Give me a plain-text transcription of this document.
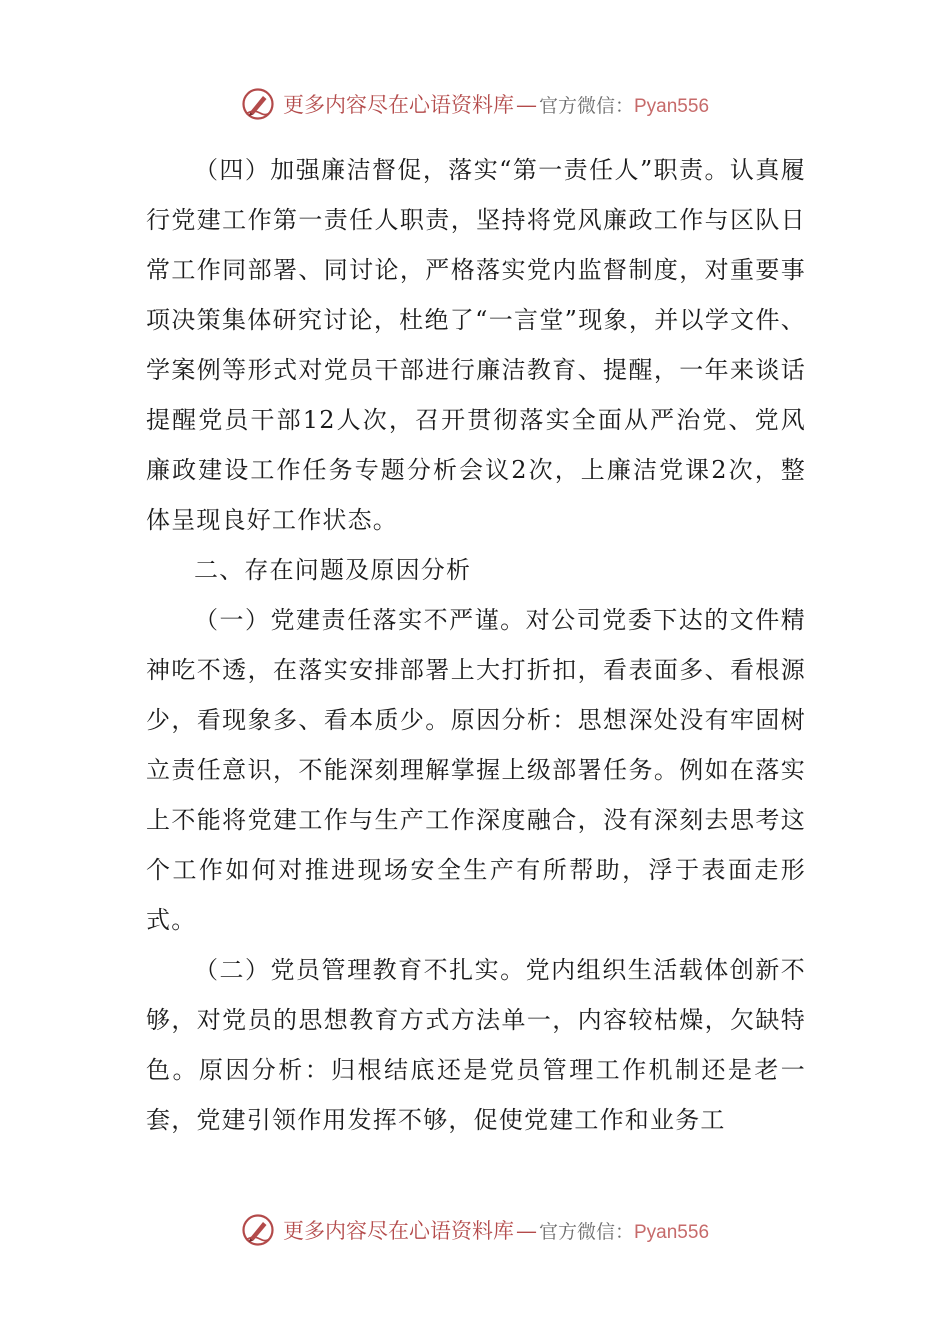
更多内容尽在心语资料库 — 官方微信： Pyan556

（四）加强廉洁督促，落实“第一责任人”职责。认真履行党建工作第一责任人职责，坚持将党风廉政工作与区队日常工作同部署、同讨论，严格落实党内监督制度，对重要事项决策集体研究讨论，杜绝了“一言堂”现象，并以学文件、学案例等形式对党员干部进行廉洁教育、提醒，一年来谈话提醒党员干部12人次，召开贯彻落实全面从严治党、党风廉政建设工作任务专题分析会议2次，上廉洁党课2次，整体呈现良好工作状态。

二、存在问题及原因分析

（一）党建责任落实不严谨。对公司党委下达的文件精神吃不透，在落实安排部署上大打折扣，看表面多、看根源少，看现象多、看本质少。原因分析：思想深处没有牢固树立责任意识，不能深刻理解掌握上级部署任务。例如在落实上不能将党建工作与生产工作深度融合，没有深刻去思考这个工作如何对推进现场安全生产有所帮助，浮于表面走形式。

（二）党员管理教育不扎实。党内组织生活载体创新不够，对党员的思想教育方式方法单一，内容较枯燥，欠缺特色。原因分析：归根结底还是党员管理工作机制还是老一套，党建引领作用发挥不够，促使党建工作和业务工

更多内容尽在心语资料库 — 官方微信： Pyan556
